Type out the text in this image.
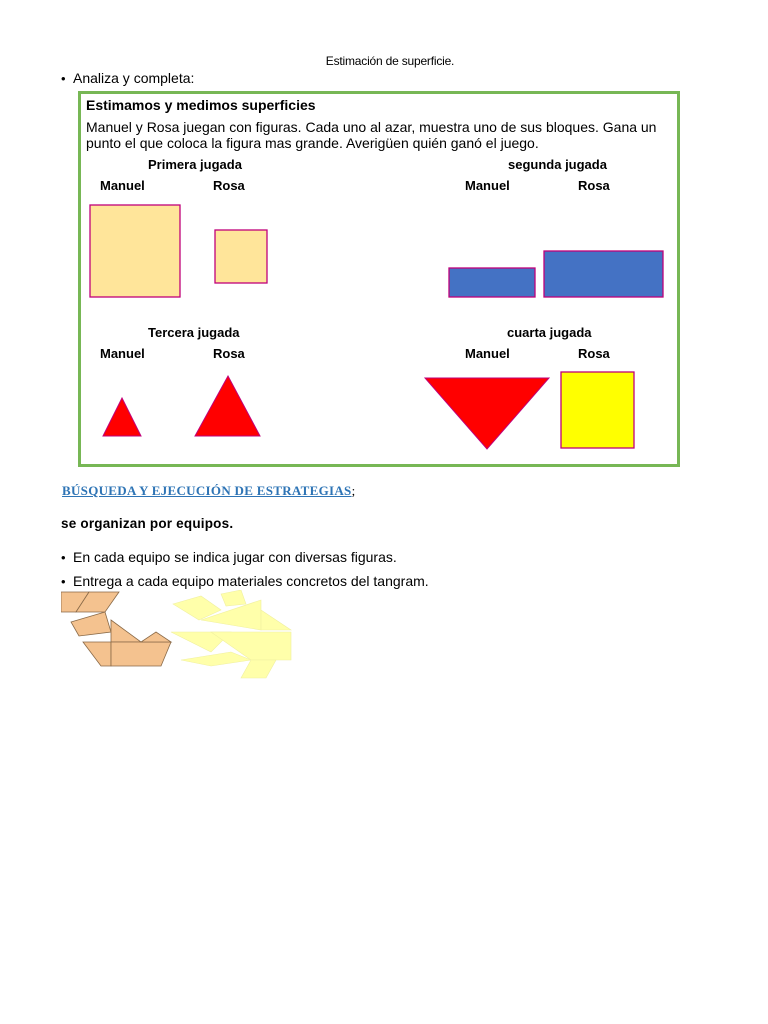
Estimación de superficie.
• Analiza y completa:
Estimamos y medimos superficies
Manuel y Rosa juegan con figuras. Cada uno al azar, muestra uno de sus bloques. Gana un punto el que coloca la figura mas grande. Averigüen quién ganó el juego.
Primera jugada
Manuel	Rosa
segunda jugada
Manuel	Rosa
Tercera jugada
Manuel	Rosa
cuarta jugada
Manuel	Rosa
BÚSQUEDA Y EJECUCIÓN DE ESTRATEGIAS;
se organizan por equipos.
• En cada equipo se indica jugar con diversas figuras.
• Entrega a cada equipo materiales concretos del tangram.
